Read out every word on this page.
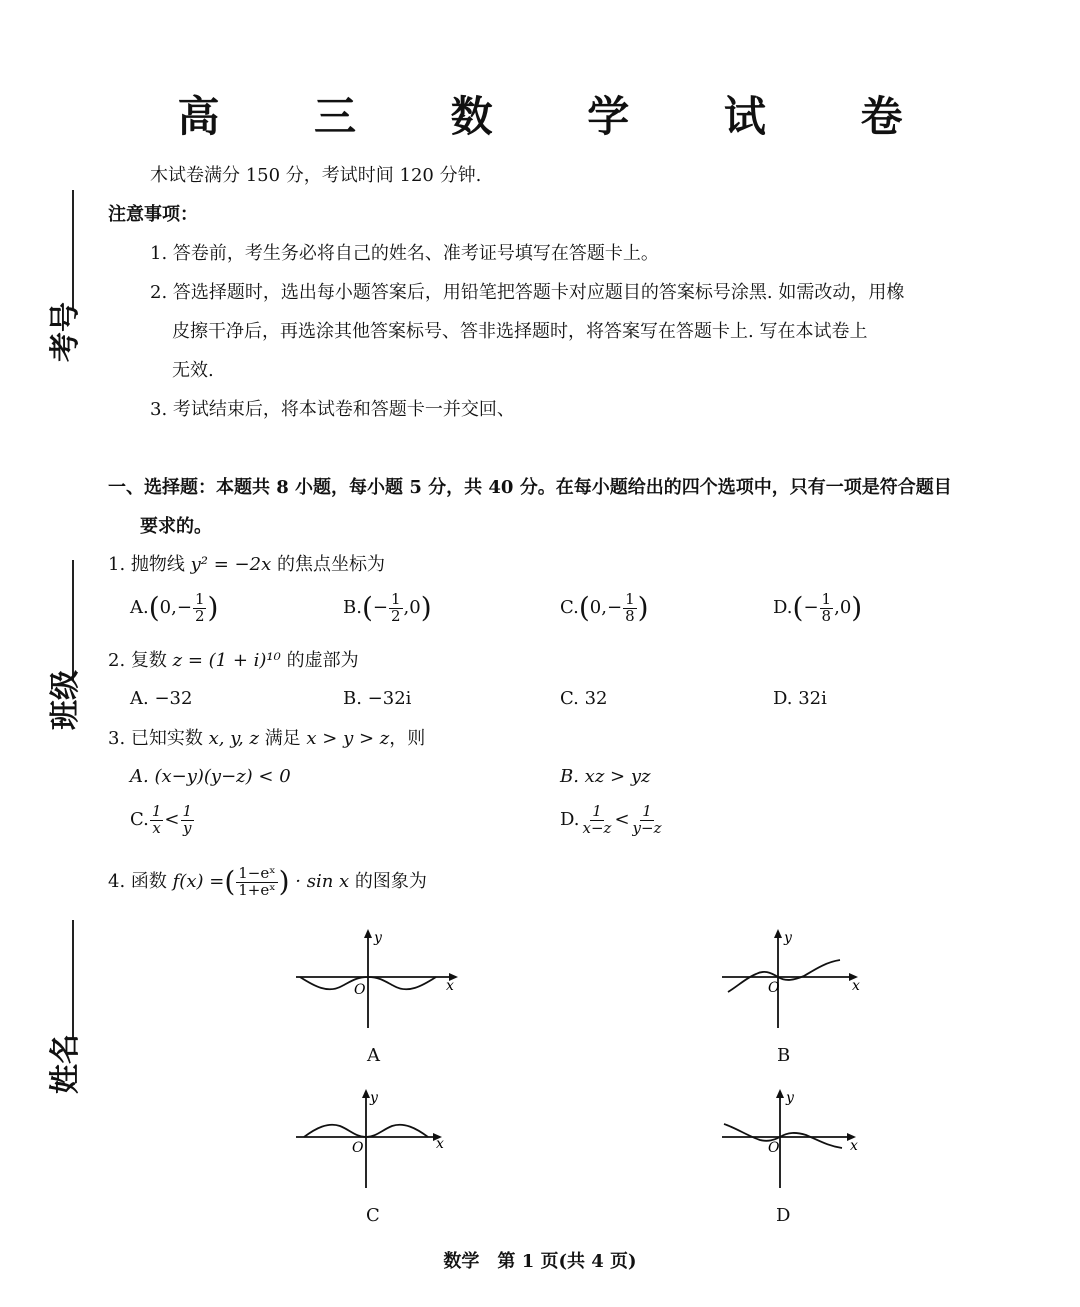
高 三 数 学 试 卷
考号
班级
姓名
木试卷满分 150 分，考试时间 120 分钟.
注意事项：
1. 答卷前，考生务必将自己的姓名、准考证号填写在答题卡上。
2. 答选择题时，选出每小题答案后，用铅笔把答题卡对应题目的答案标号涂黑. 如需改动，用橡
皮擦干净后，再选涂其他答案标号、答非选择题时，将答案写在答题卡上. 写在本试卷上
无效.
3. 考试结束后，将本试卷和答题卡一并交回、
一、选择题：本题共 8 小题，每小题 5 分，共 40 分。在每小题给出的四个选项中，只有一项是符合题目
要求的。
1. 抛物线 y² = −2x 的焦点坐标为
A. ( $0,- \frac{1}{2}$ )	B. ( − $\frac{1}{2} ,0$ )	C. ( $0,- \frac{1}{8}$ )	D. ( − $\frac{1}{8} ,0$ )
2. 复数 z = (1 + i)¹⁰ 的虚部为
A. −32	B. −32i	C. 32	D. 32i
3. 已知实数 x, y, z 满足 x > y > z，则
A. (x−y)(y−z) < 0	B. xz > yz
C. $\frac{1}{x} < \frac{1}{y}$	D. $\frac{1}{x-z} < \frac{1}{y-z}$
4. 函数
f(x) = ( $\frac{\text{1−eˣ}}{\text{1+eˣ}}$ )
· sin x
的图象为
y
x
O
A
y
x
O
B
y
x
O
C
y
x
O
D
数学　第 1 页(共 4 页)
